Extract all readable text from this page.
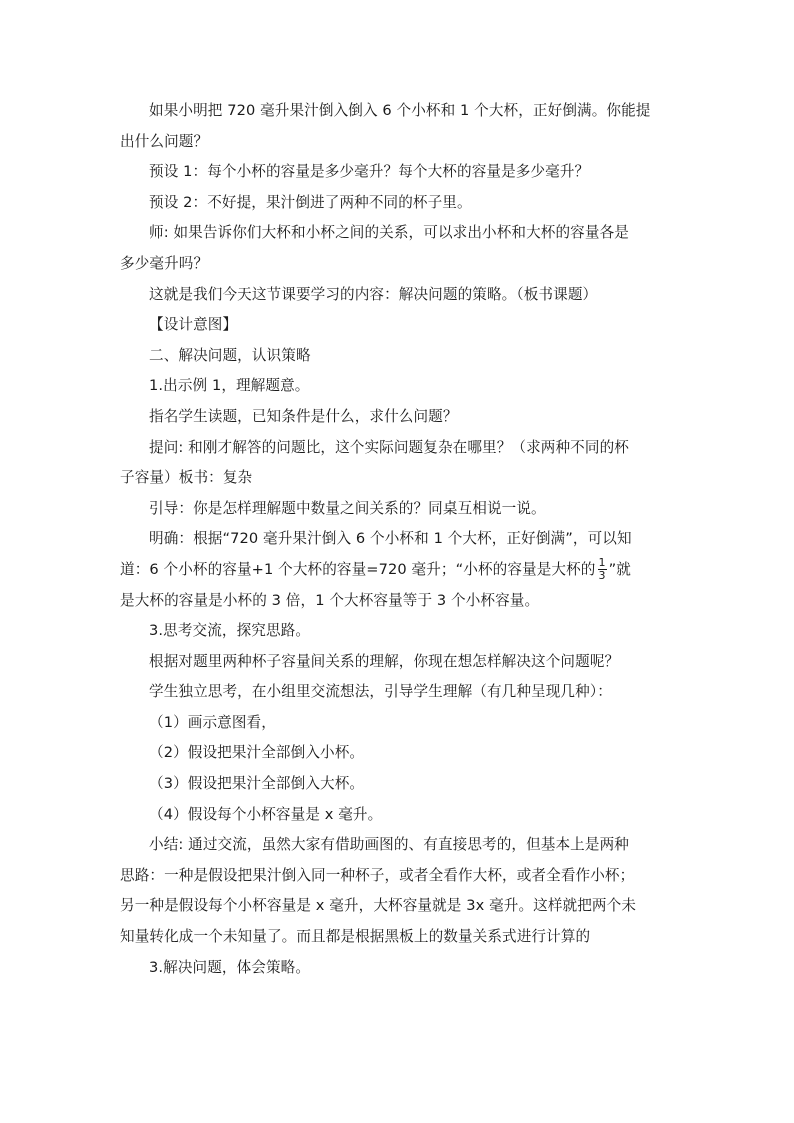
如果小明把 720 毫升果汁倒入倒入 6 个小杯和 1 个大杯，正好倒满。你能提
出什么问题？

预设 1：每个小杯的容量是多少毫升？每个大杯的容量是多少毫升？

预设 2：不好提，果汁倒进了两种不同的杯子里。

师: 如果告诉你们大杯和小杯之间的关系，可以求出小杯和大杯的容量各是
多少毫升吗？

这就是我们今天这节课要学习的内容：解决问题的策略。（板书课题）

【设计意图】

二、解决问题，认识策略

1.出示例 1，理解题意。

指名学生读题，已知条件是什么，求什么问题？

提问: 和刚才解答的问题比，这个实际问题复杂在哪里？（求两种不同的杯
子容量）板书：复杂

引导：你是怎样理解题中数量之间关系的？同桌互相说一说。

明确：根据“720 毫升果汁倒入 6 个小杯和 1 个大杯，正好倒满”，可以知
道：6 个小杯的容量+1 个大杯的容量=720 毫升；“小杯的容量是大杯的 $\frac{1}{3}$ ”就
是大杯的容量是小杯的 3 倍，1 个大杯容量等于 3 个小杯容量。

3.思考交流，探究思路。

根据对题里两种杯子容量间关系的理解，你现在想怎样解决这个问题呢？

学生独立思考，在小组里交流想法，引导学生理解（有几种呈现几种）：

（1）画示意图看，

（2）假设把果汁全部倒入小杯。

（3）假设把果汁全部倒入大杯。

（4）假设每个小杯容量是 x 毫升。

小结: 通过交流，虽然大家有借助画图的、有直接思考的，但基本上是两种
思路：一种是假设把果汁倒入同一种杯子，或者全看作大杯，或者全看作小杯；
另一种是假设每个小杯容量是 x 毫升，大杯容量就是 3x 毫升。这样就把两个未
知量转化成一个未知量了。而且都是根据黑板上的数量关系式进行计算的

3.解决问题，体会策略。
